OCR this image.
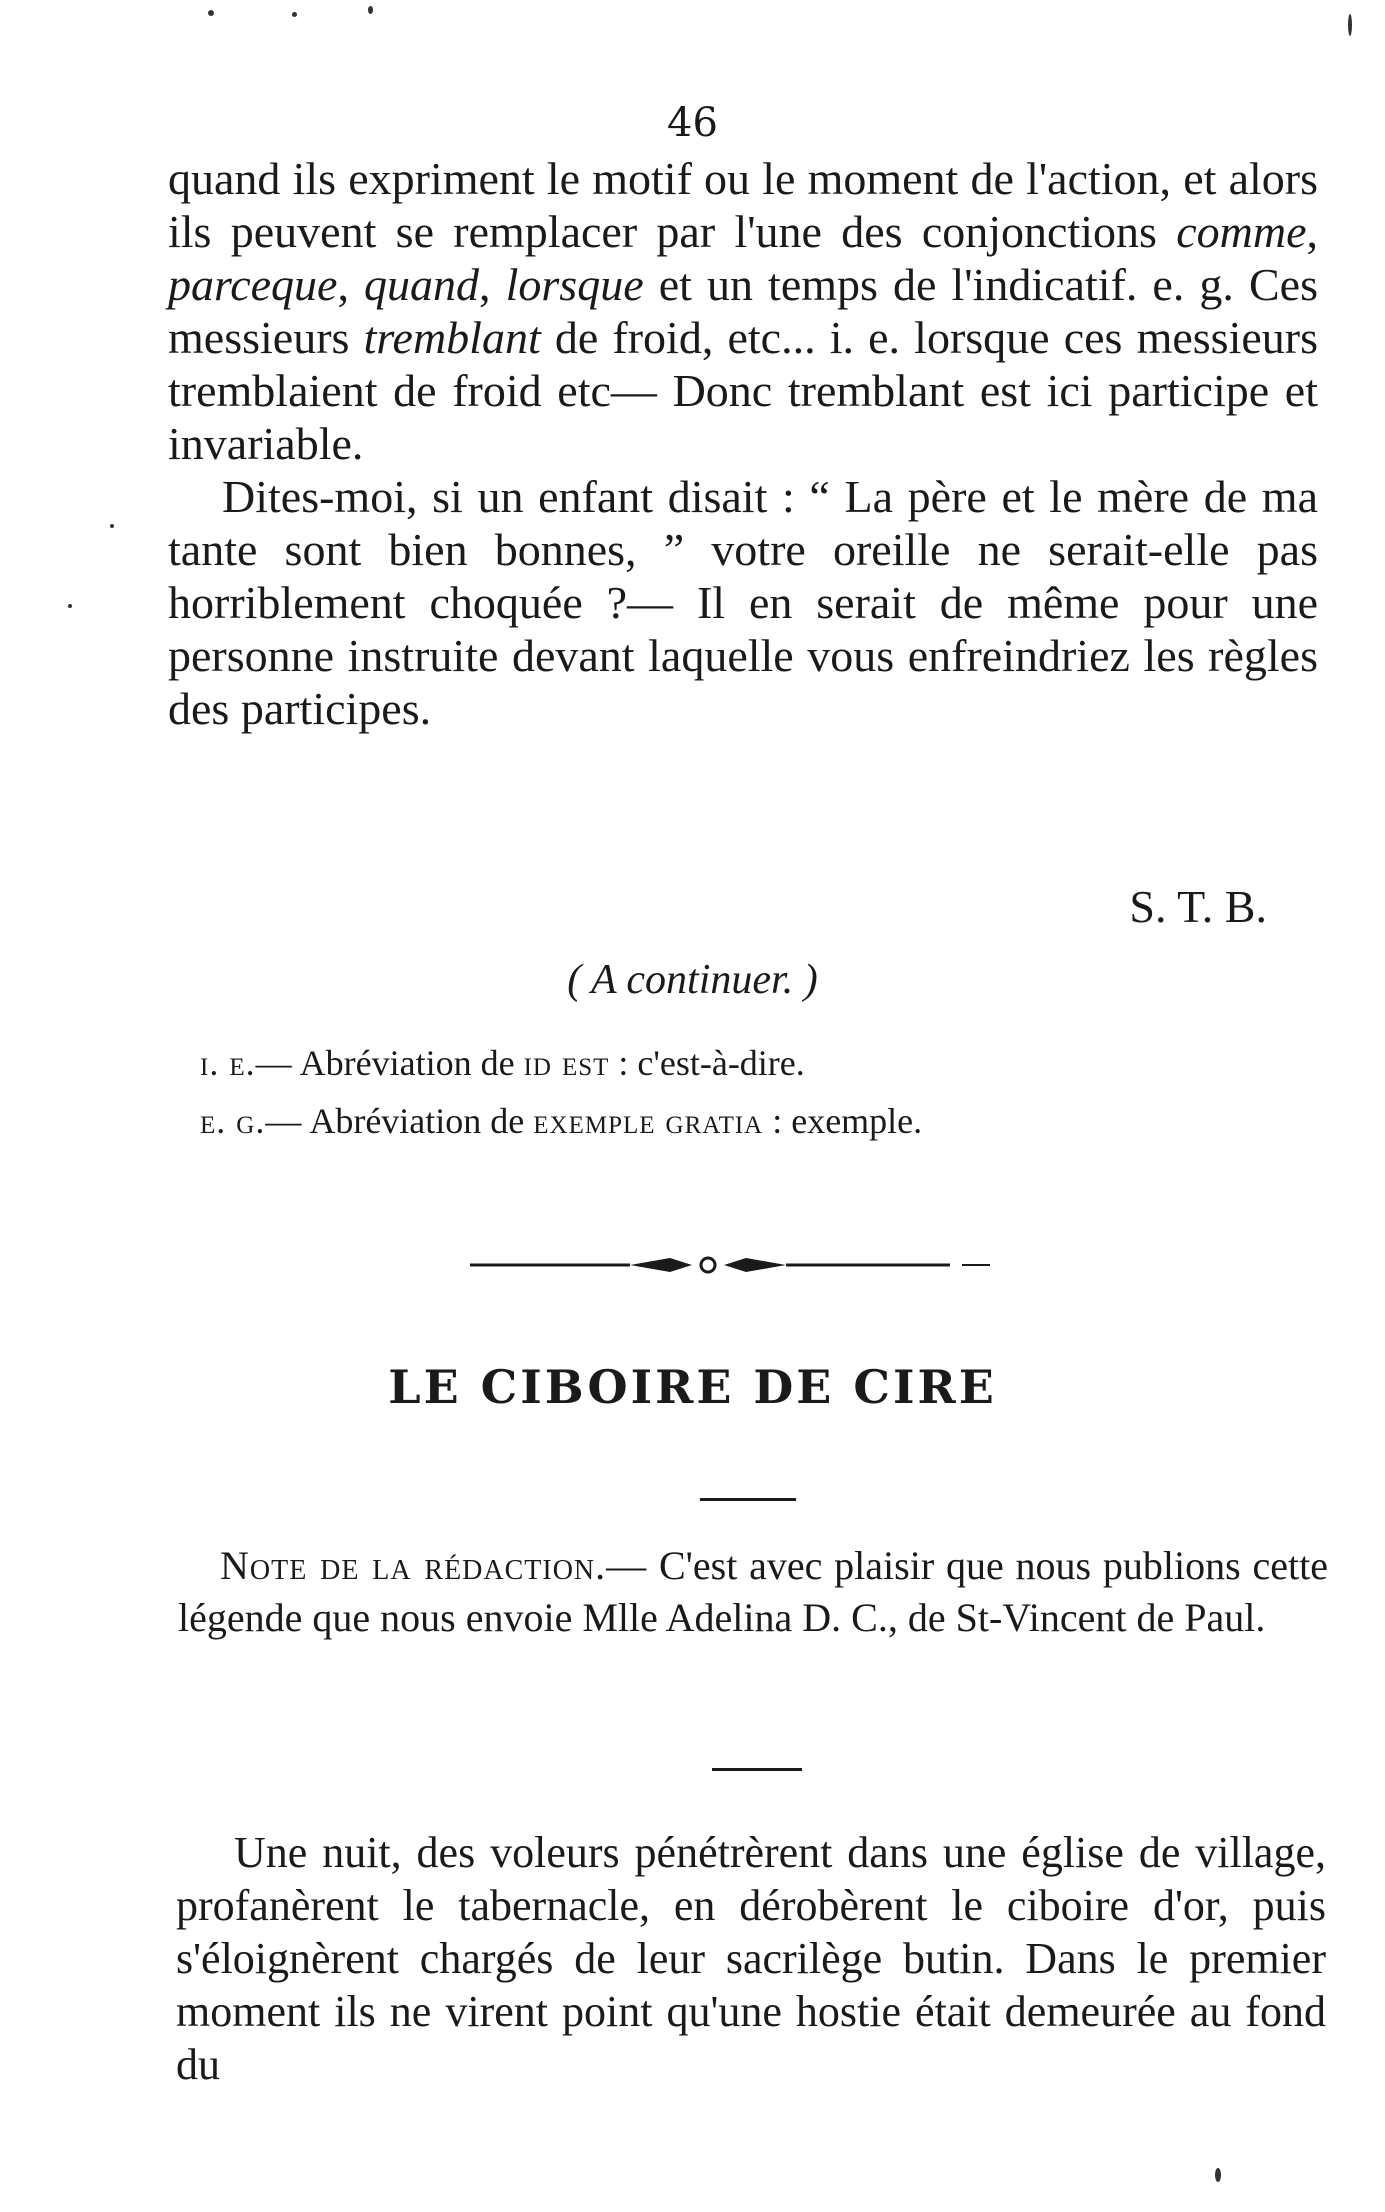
46

quand ils expriment le motif ou le moment de l'action, et alors ils peuvent se remplacer par l'une des conjonctions comme, parceque, quand, lorsque et un temps de l'indicatif. e. g. Ces messieurs tremblant de froid, etc... i. e. lorsque ces messieurs tremblaient de froid etc— Donc tremblant est ici participe et invariable.

Dites-moi, si un enfant disait : “ La père et le mère de ma tante sont bien bonnes, ” votre oreille ne serait-elle pas horriblement choquée ?— Il en serait de même pour une personne instruite devant laquelle vous enfreindriez les règles des participes.

S. T. B.
( A continuer. )
i. e.— Abréviation de id est : c'est-à-dire.
e. g.— Abréviation de exemple gratia : exemple.
LE CIBOIRE DE CIRE

Note de la rédaction.— C'est avec plaisir que nous publions cette légende que nous envoie Mlle Adelina D. C., de St-Vincent de Paul.

Une nuit, des voleurs pénétrèrent dans une église de village, profanèrent le tabernacle, en dérobèrent le ciboire d'or, puis s'éloignèrent chargés de leur sacrilège butin. Dans le premier moment ils ne virent point qu'une hostie était demeurée au fond du
